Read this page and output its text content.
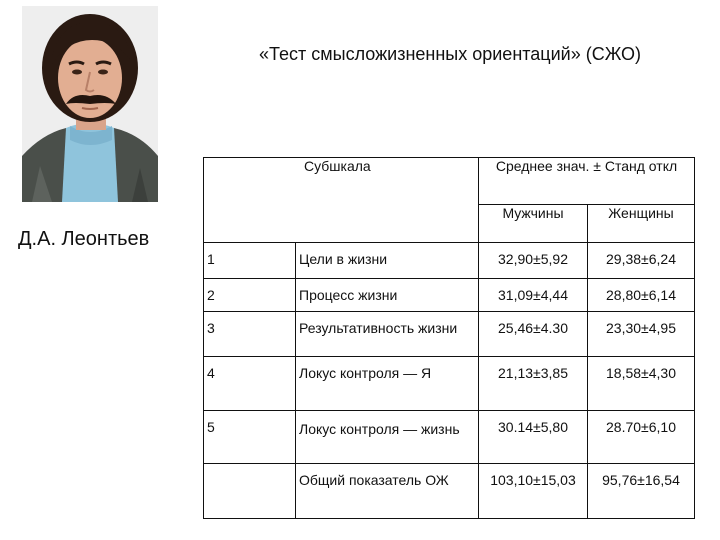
«Тест смысложизненных ориентаций» (СЖО)
Д.А. Леонтьев
Субшкала		Среднее знач. ± Станд откл	
		Мужчины	Женщины
1	Цели в жизни	32,90±5,92	29,38±6,24
2	Процесс жизни	31,09±4,44	28,80±6,14
3	Результативность жизни	25,46±4.30	23,30±4,95
4	Локус контроля — Я	21,13±3,85	18,58±4,30
5	Локус контроля — жизнь	30.14±5,80	28.70±6,10
	Общий показатель ОЖ	103,10±15,03	95,76±16,54
